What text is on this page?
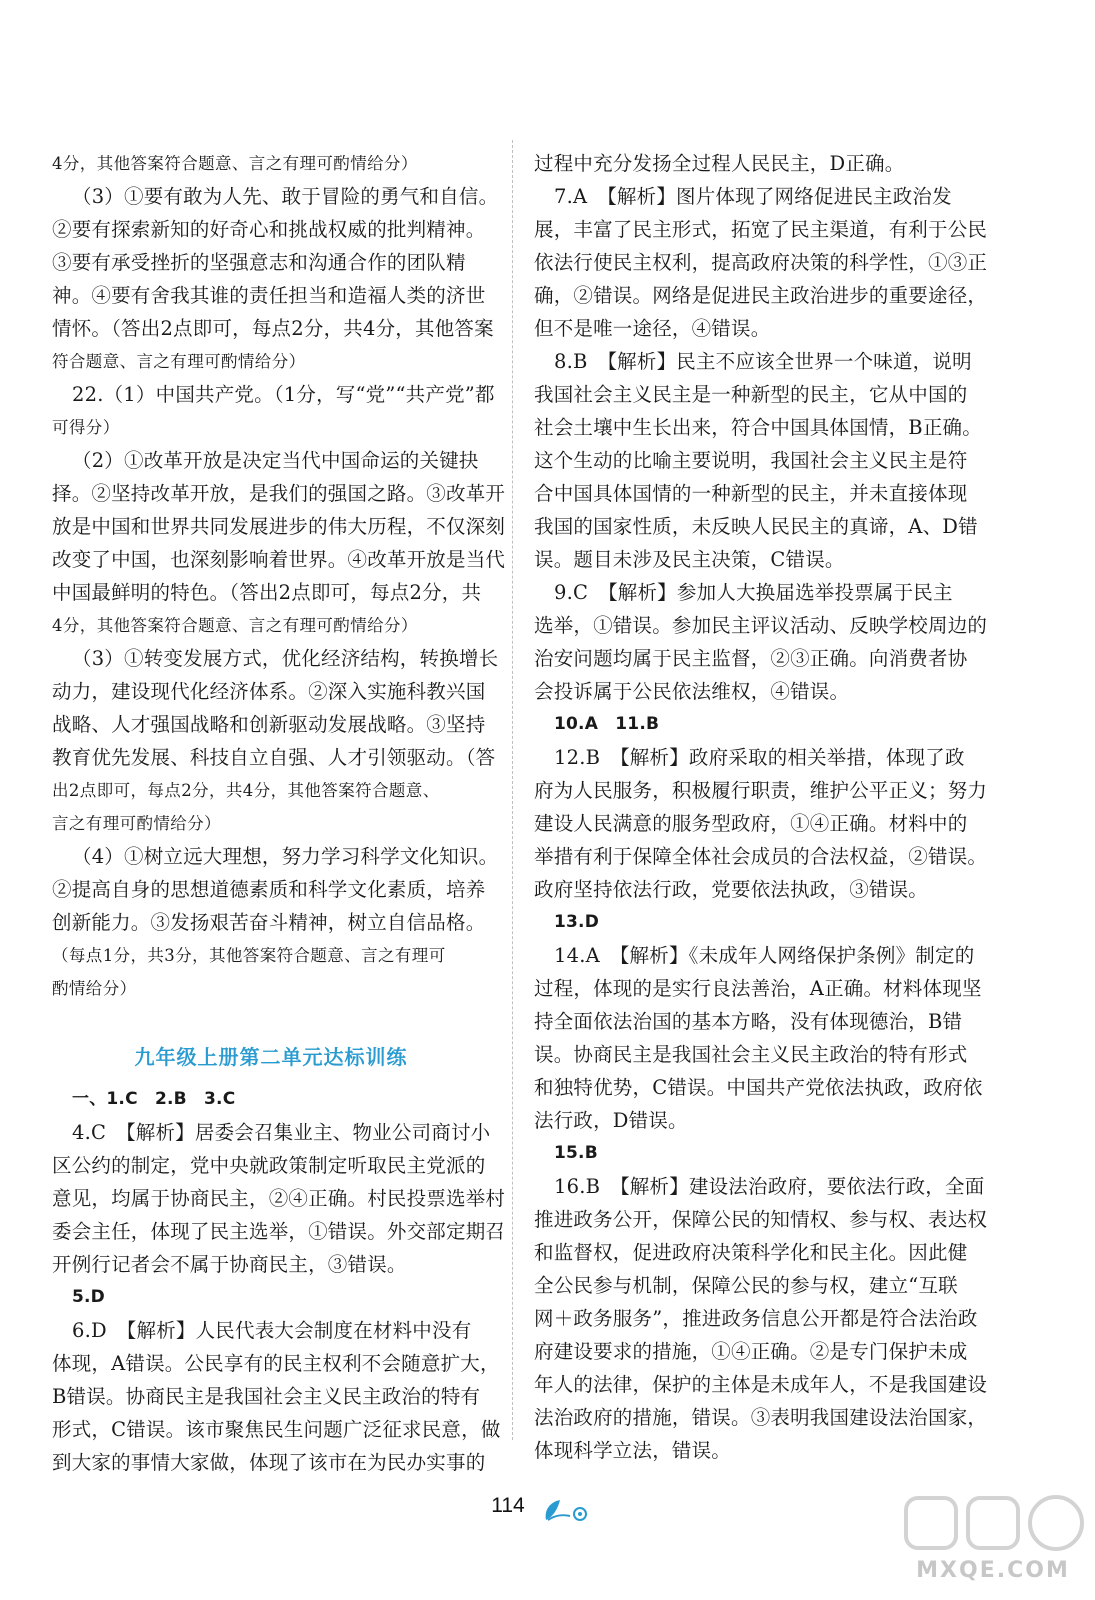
4分，其他答案符合题意、言之有理可酌情给分）
（3）①要有敢为人先、敢于冒险的勇气和自信。
②要有探索新知的好奇心和挑战权威的批判精神。
③要有承受挫折的坚强意志和沟通合作的团队精
神。④要有舍我其谁的责任担当和造福人类的济世
情怀。（答出2点即可，每点2分，共4分，其他答案
符合题意、言之有理可酌情给分）
22.（1）中国共产党。（1分，写“党”“共产党”都
可得分）
（2）①改革开放是决定当代中国命运的关键抉
择。②坚持改革开放，是我们的强国之路。③改革开
放是中国和世界共同发展进步的伟大历程，不仅深刻
改变了中国，也深刻影响着世界。④改革开放是当代
中国最鲜明的特色。（答出2点即可，每点2分，共
4分，其他答案符合题意、言之有理可酌情给分）
（3）①转变发展方式，优化经济结构，转换增长
动力，建设现代化经济体系。②深入实施科教兴国
战略、人才强国战略和创新驱动发展战略。③坚持
教育优先发展、科技自立自强、人才引领驱动。（答
出2点即可，每点2分，共4分，其他答案符合题意、
言之有理可酌情给分）
（4）①树立远大理想，努力学习科学文化知识。
②提高自身的思想道德素质和科学文化素质，培养
创新能力。③发扬艰苦奋斗精神，树立自信品格。
（每点1分，共3分，其他答案符合题意、言之有理可
酌情给分）
九年级上册第二单元达标训练
一、1.C　2.B　3.C
4.C　【解析】居委会召集业主、物业公司商讨小
区公约的制定，党中央就政策制定听取民主党派的
意见，均属于协商民主，②④正确。村民投票选举村
委会主任，体现了民主选举，①错误。外交部定期召
开例行记者会不属于协商民主，③错误。
5.D
6.D　【解析】人民代表大会制度在材料中没有
体现，A错误。公民享有的民主权利不会随意扩大，
B错误。协商民主是我国社会主义民主政治的特有
形式，C错误。该市聚焦民生问题广泛征求民意，做
到大家的事情大家做，体现了该市在为民办实事的
过程中充分发扬全过程人民民主，D正确。
7.A　【解析】图片体现了网络促进民主政治发
展，丰富了民主形式，拓宽了民主渠道，有利于公民
依法行使民主权利，提高政府决策的科学性，①③正
确，②错误。网络是促进民主政治进步的重要途径，
但不是唯一途径，④错误。
8.B　【解析】民主不应该全世界一个味道，说明
我国社会主义民主是一种新型的民主，它从中国的
社会土壤中生长出来，符合中国具体国情，B正确。
这个生动的比喻主要说明，我国社会主义民主是符
合中国具体国情的一种新型的民主，并未直接体现
我国的国家性质，未反映人民民主的真谛，A、D错
误。题目未涉及民主决策，C错误。
9.C　【解析】参加人大换届选举投票属于民主
选举，①错误。参加民主评议活动、反映学校周边的
治安问题均属于民主监督，②③正确。向消费者协
会投诉属于公民依法维权，④错误。
10.A　11.B
12.B　【解析】政府采取的相关举措，体现了政
府为人民服务，积极履行职责，维护公平正义；努力
建设人民满意的服务型政府，①④正确。材料中的
举措有利于保障全体社会成员的合法权益，②错误。
政府坚持依法行政，党要依法执政，③错误。
13.D
14.A　【解析】《未成年人网络保护条例》制定的
过程，体现的是实行良法善治，A正确。材料体现坚
持全面依法治国的基本方略，没有体现德治，B错
误。协商民主是我国社会主义民主政治的特有形式
和独特优势，C错误。中国共产党依法执政，政府依
法行政，D错误。
15.B
16.B　【解析】建设法治政府，要依法行政，全面
推进政务公开，保障公民的知情权、参与权、表达权
和监督权，促进政府决策科学化和民主化。因此健
全公民参与机制，保障公民的参与权，建立“互联
网＋政务服务”，推进政务信息公开都是符合法治政
府建设要求的措施，①④正确。②是专门保护未成
年人的法律，保护的主体是未成年人，不是我国建设
法治政府的措施，错误。③表明我国建设法治国家，
体现科学立法，错误。
114
MXQE.COM
